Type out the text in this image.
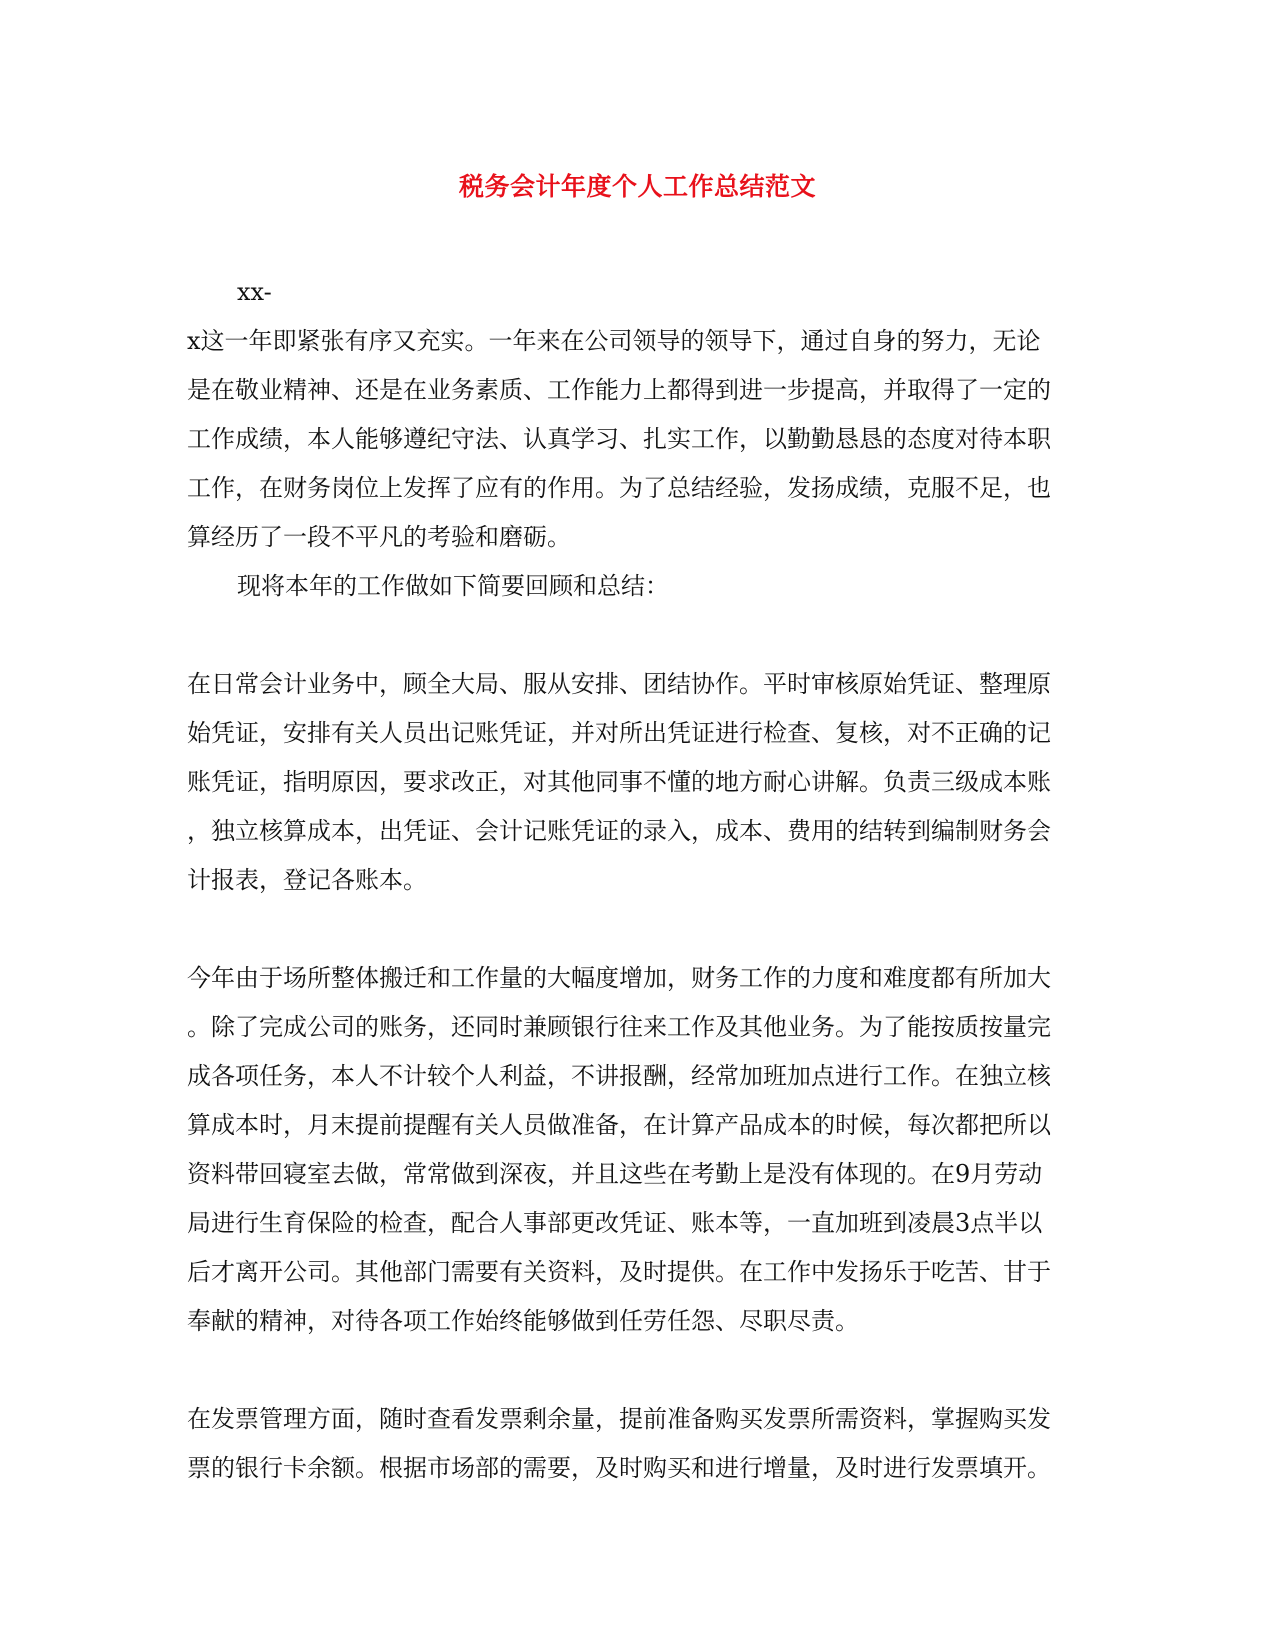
税务会计年度个人工作总结范文
xx-
x这一年即紧张有序又充实。一年来在公司领导的领导下，通过自身的努力，无论
是在敬业精神、还是在业务素质、工作能力上都得到进一步提高，并取得了一定的
工作成绩，本人能够遵纪守法、认真学习、扎实工作，以勤勤恳恳的态度对待本职
工作，在财务岗位上发挥了应有的作用。为了总结经验，发扬成绩，克服不足，也
算经历了一段不平凡的考验和磨砺。
现将本年的工作做如下简要回顾和总结：
在日常会计业务中，顾全大局、服从安排、团结协作。平时审核原始凭证、整理原
始凭证，安排有关人员出记账凭证，并对所出凭证进行检查、复核，对不正确的记
账凭证，指明原因，要求改正，对其他同事不懂的地方耐心讲解。负责三级成本账
，独立核算成本，出凭证、会计记账凭证的录入，成本、费用的结转到编制财务会
计报表，登记各账本。
今年由于场所整体搬迁和工作量的大幅度增加，财务工作的力度和难度都有所加大
。除了完成公司的账务，还同时兼顾银行往来工作及其他业务。为了能按质按量完
成各项任务，本人不计较个人利益，不讲报酬，经常加班加点进行工作。在独立核
算成本时，月末提前提醒有关人员做准备，在计算产品成本的时候，每次都把所以
资料带回寝室去做，常常做到深夜，并且这些在考勤上是没有体现的。在9月劳动
局进行生育保险的检查，配合人事部更改凭证、账本等，一直加班到凌晨3点半以
后才离开公司。其他部门需要有关资料，及时提供。在工作中发扬乐于吃苦、甘于
奉献的精神，对待各项工作始终能够做到任劳任怨、尽职尽责。
在发票管理方面，随时查看发票剩余量，提前准备购买发票所需资料，掌握购买发
票的银行卡余额。根据市场部的需要，及时购买和进行增量，及时进行发票填开。
